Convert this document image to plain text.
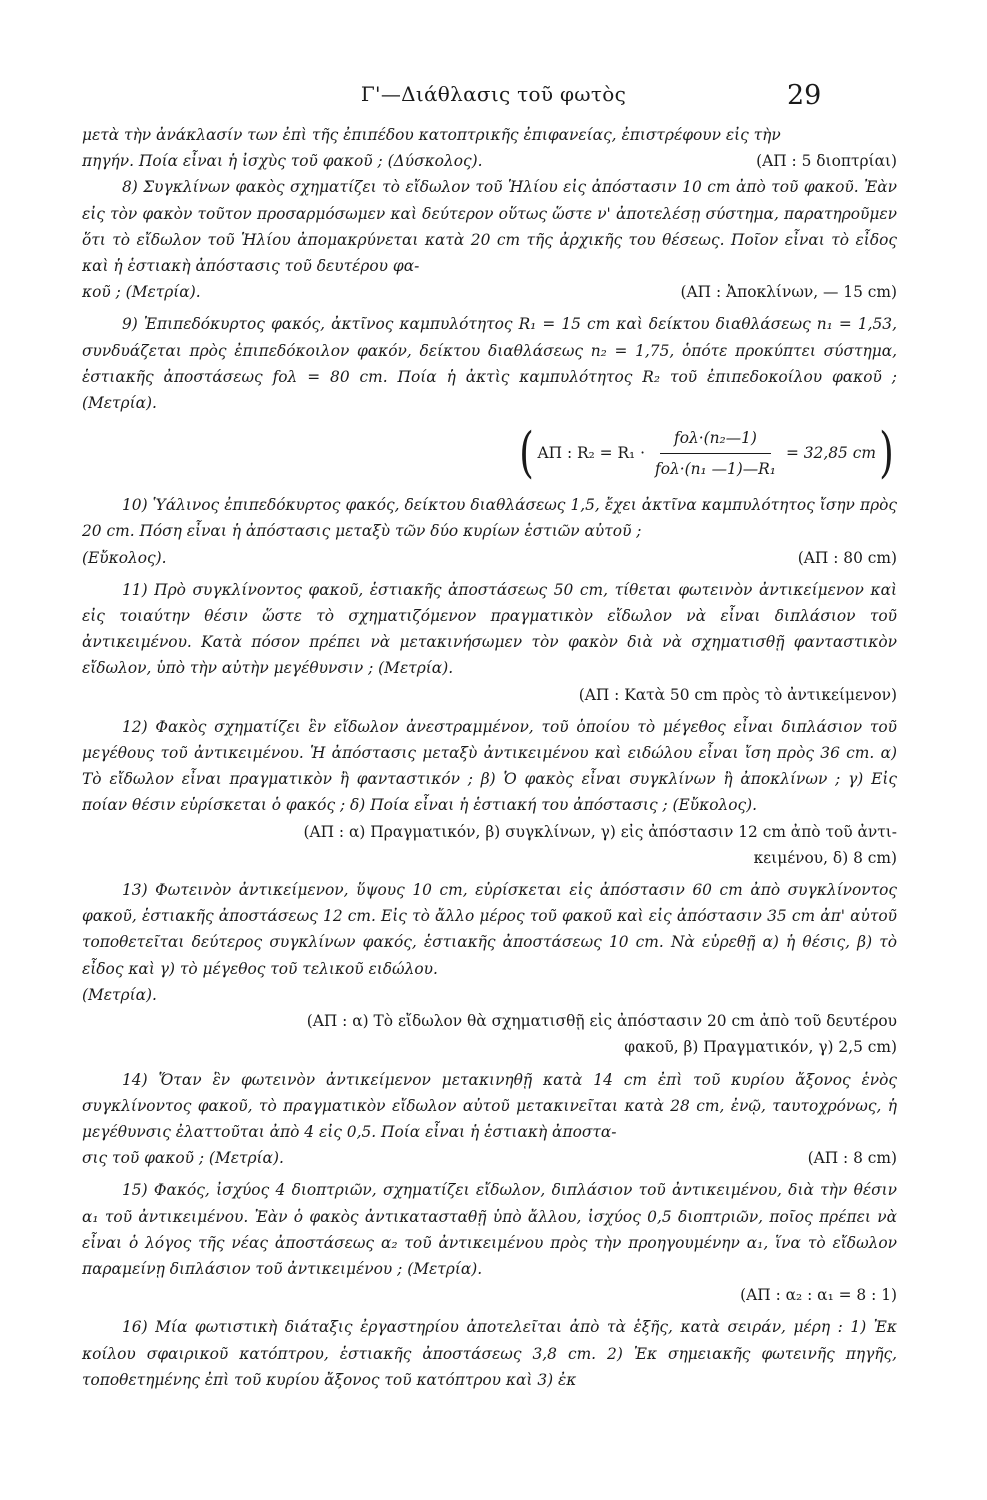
Γ'—Διάθλασις τοῦ φωτὸς	29

μετὰ τὴν ἀνάκλασίν των ἐπὶ τῆς ἐπιπέδου κατοπτρικῆς ἐπιφανείας, ἐπιστρέφουν εἰς τὴν

πηγήν. Ποία εἶναι ἡ ἰσχὺς τοῦ φακοῦ ; (Δύσκολος).	(ΑΠ : 5 διοπτρίαι)

8) Συγκλίνων φακὸς σχηματίζει τὸ εἴδωλον τοῦ Ἡλίου εἰς ἀπόστασιν 10 cm ἀπὸ τοῦ φακοῦ. Ἐὰν εἰς τὸν φακὸν τοῦτον προσαρμόσωμεν καὶ δεύτερον οὕτως ὥστε ν' ἀποτελέσῃ σύστημα, παρατηροῦμεν ὅτι τὸ εἴδωλον τοῦ Ἡλίου ἀπομακρύνεται κατὰ 20 cm τῆς ἀρχικῆς του θέσεως. Ποῖον εἶναι τὸ εἶδος καὶ ἡ ἑστιακὴ ἀπόστασις τοῦ δευτέρου φα-

κοῦ ; (Μετρία).	(ΑΠ : Ἀποκλίνων, — 15 cm)

9) Ἐπιπεδόκυρτος φακός, ἀκτῖνος καμπυλότητος R₁ = 15 cm καὶ δείκτου διαθλάσεως n₁ = 1,53, συνδυάζεται πρὸς ἐπιπεδόκοιλον φακόν, δείκτου διαθλάσεως n₂ = 1,75, ὁπότε προκύπτει σύστημα, ἑστιακῆς ἀποστάσεως fολ = 80 cm. Ποία ἡ ἀκτὶς καμπυλότητος R₂ τοῦ ἐπιπεδοκοίλου φακοῦ ; (Μετρία).

( ΑΠ : $R_2 = R_1 \cdot \frac{\text{fολ·(n₂—1)}}{\text{fολ·(n₁ —1)—R₁}} = 32,85$ cm )

10) Ὑάλινος ἐπιπεδόκυρτος φακός, δείκτου διαθλάσεως 1,5, ἔχει ἀκτῖνα καμπυλότητος ἴσην πρὸς 20 cm. Πόση εἶναι ἡ ἀπόστασις μεταξὺ τῶν δύο κυρίων ἑστιῶν αὐτοῦ ;

(Εὔκολος).	(ΑΠ : 80 cm)

11) Πρὸ συγκλίνοντος φακοῦ, ἑστιακῆς ἀποστάσεως 50 cm, τίθεται φωτεινὸν ἀντικείμενον καὶ εἰς τοιαύτην θέσιν ὥστε τὸ σχηματιζόμενον πραγματικὸν εἴδωλον νὰ εἶναι διπλάσιον τοῦ ἀντικειμένου. Κατὰ πόσον πρέπει νὰ μετακινήσωμεν τὸν φακὸν διὰ νὰ σχηματισθῇ φανταστικὸν εἴδωλον, ὑπὸ τὴν αὐτὴν μεγέθυνσιν ; (Μετρία).

(ΑΠ : Κατὰ 50 cm πρὸς τὸ ἀντικείμενον)

12) Φακὸς σχηματίζει ἓν εἴδωλον ἀνεστραμμένον, τοῦ ὁποίου τὸ μέγεθος εἶναι διπλάσιον τοῦ μεγέθους τοῦ ἀντικειμένου. Ἡ ἀπόστασις μεταξὺ ἀντικειμένου καὶ ειδώλου εἶναι ἴση πρὸς 36 cm. α) Τὸ εἴδωλον εἶναι πραγματικὸν ἢ φανταστικόν ; β) Ὁ φακὸς εἶναι συγκλίνων ἢ ἀποκλίνων ; γ) Εἰς ποίαν θέσιν εὑρίσκεται ὁ φακός ; δ) Ποία εἶναι ἡ ἑστιακή του ἀπόστασις ; (Εὔκολος).

(ΑΠ : α) Πραγματικόν, β) συγκλίνων, γ) εἰς ἀπόστασιν 12 cm ἀπὸ τοῦ ἀντι-
κειμένου, δ) 8 cm)

13) Φωτεινὸν ἀντικείμενον, ὕψους 10 cm, εὑρίσκεται εἰς ἀπόστασιν 60 cm ἀπὸ συγκλίνοντος φακοῦ, ἑστιακῆς ἀποστάσεως 12 cm. Εἰς τὸ ἄλλο μέρος τοῦ φακοῦ καὶ εἰς ἀπόστασιν 35 cm ἀπ' αὐτοῦ τοποθετεῖται δεύτερος συγκλίνων φακός, ἑστιακῆς ἀποστάσεως 10 cm. Νὰ εὑρεθῇ α) ἡ θέσις, β) τὸ εἶδος καὶ γ) τὸ μέγεθος τοῦ τελικοῦ ειδώλου.

(Μετρία).

(ΑΠ : α) Τὸ εἴδωλον θὰ σχηματισθῇ εἰς ἀπόστασιν 20 cm ἀπὸ τοῦ δευτέρου
φακοῦ, β) Πραγματικόν, γ) 2,5 cm)

14) Ὅταν ἓν φωτεινὸν ἀντικείμενον μετακινηθῇ κατὰ 14 cm ἐπὶ τοῦ κυρίου ἄξονος ἑνὸς συγκλίνοντος φακοῦ, τὸ πραγματικὸν εἴδωλον αὐτοῦ μετακινεῖται κατὰ 28 cm, ἐνῷ, ταυτοχρόνως, ἡ μεγέθυνσις ἐλαττοῦται ἀπὸ 4 εἰς 0,5. Ποία εἶναι ἡ ἑστιακὴ ἀποστα-

σις τοῦ φακοῦ ; (Μετρία).	(ΑΠ : 8 cm)

15) Φακός, ἰσχύος 4 διοπτριῶν, σχηματίζει εἴδωλον, διπλάσιον τοῦ ἀντικειμένου, διὰ τὴν θέσιν α₁ τοῦ ἀντικειμένου. Ἐὰν ὁ φακὸς ἀντικατασταθῇ ὑπὸ ἄλλου, ἰσχύος 0,5 διοπτριῶν, ποῖος πρέπει νὰ εἶναι ὁ λόγος τῆς νέας ἀποστάσεως α₂ τοῦ ἀντικειμένου πρὸς τὴν προηγουμένην α₁, ἵνα τὸ εἴδωλον παραμείνῃ διπλάσιον τοῦ ἀντικειμένου ; (Μετρία).

(ΑΠ : α₂ : α₁ = 8 : 1)

16) Μία φωτιστικὴ διάταξις ἐργαστηρίου ἀποτελεῖται ἀπὸ τὰ ἑξῆς, κατὰ σειράν, μέρη : 1) Ἐκ κοίλου σφαιρικοῦ κατόπτρου, ἑστιακῆς ἀποστάσεως 3,8 cm. 2) Ἐκ σημειακῆς φωτεινῆς πηγῆς, τοποθετημένης ἐπὶ τοῦ κυρίου ἄξονος τοῦ κατόπτρου καὶ 3) ἐκ
